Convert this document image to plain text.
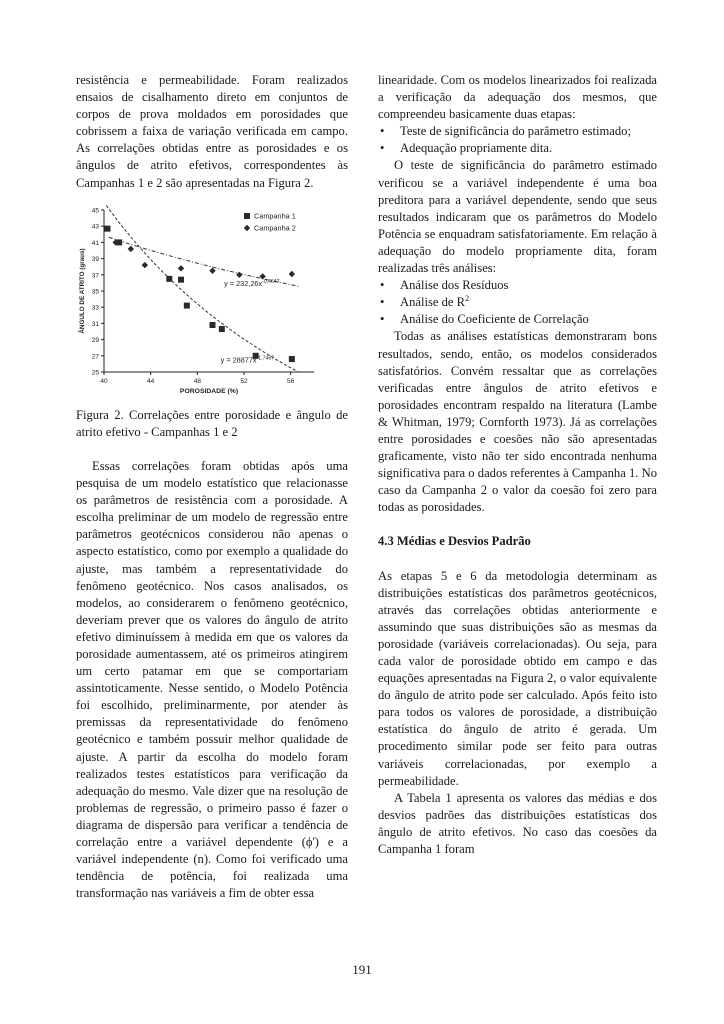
resistência e permeabilidade. Foram realizados ensaios de cisalhamento direto em conjuntos de corpos de prova moldados em porosidades que cobrissem a faixa de variação verificada em campo. As correlações obtidas entre as porosidades e os ângulos de atrito efetivos, correspondentes às Campanhas 1 e 2 são apresentadas na Figura 2.

25
27
29
31
33
35
37
39
41
43
45
40	44	48	52	56
POROSIDADE (%)
ÂNGULO DE ATRITO (graus)
$y = 28877x^{-1,7467}$
$y = 232,26x^{-0,4647}$
Campanha 1
Campanha 2

Figura 2. Correlações entre porosidade e ângulo de atrito efetivo - Campanhas 1 e 2

Essas correlações foram obtidas após uma pesquisa de um modelo estatístico que relacionasse os parâmetros de resistência com a porosidade. A escolha preliminar de um modelo de regressão entre parâmetros geotécnicos considerou não apenas o aspecto estatístico, como por exemplo a qualidade do ajuste, mas também a representatividade do fenômeno geotécnico. Nos casos analisados, os modelos, ao considerarem o fenômeno geotécnico, deveriam prever que os valores do ângulo de atrito efetivo diminuíssem à medida em que os valores da porosidade aumentassem, até os primeiros atingirem um certo patamar em que se comportariam assintoticamente. Nesse sentido, o Modelo Potência foi escolhido, preliminarmente, por atender às premissas da representatividade do fenômeno geotécnico e também possuir melhor qualidade de ajuste. A partir da escolha do modelo foram realizados testes estatísticos para verificação da adequação do mesmo. Vale dizer que na resolução de problemas de regressão, o primeiro passo é fazer o diagrama de dispersão para verificar a tendência de correlação entre a variável dependente (ϕ') e a variável independente (n). Como foi verificado uma tendência de potência, foi realizada uma transformação nas variáveis a fim de obter essa

linearidade. Com os modelos linearizados foi realizada a verificação da adequação dos mesmos, que compreendeu basicamente duas etapas:

• Teste de significância do parâmetro estimado;
• Adequação propriamente dita.

O teste de significância do parâmetro estimado verificou se a variável independente é uma boa preditora para a variável dependente, sendo que seus resultados indicaram que os parâmetros do Modelo Potência se enquadram satisfatoriamente. Em relação à adequação do modelo propriamente dita, foram realizadas três análises:

• Análise dos Resíduos
• Análise de $R^2$
• Análise do Coeficiente de Correlação

Todas as análises estatísticas demonstraram bons resultados, sendo, então, os modelos considerados satisfatórios. Convém ressaltar que as correlações verificadas entre ângulos de atrito efetivos e porosidades encontram respaldo na literatura (Lambe & Whitman, 1979; Cornforth 1973). Já as correlações entre porosidades e coesões não são apresentadas graficamente, visto não ter sido encontrada nenhuma significativa para o dados referentes à Campanha 1. No caso da Campanha 2 o valor da coesão foi zero para todas as porosidades.

4.3 Médias e Desvios Padrão

As etapas 5 e 6 da metodologia determinam as distribuições estatísticas dos parâmetros geotécnicos, através das correlações obtidas anteriormente e assumindo que suas distribuições são as mesmas da porosidade (variáveis correlacionadas). Ou seja, para cada valor de porosidade obtido em campo e das equações apresentadas na Figura 2, o valor equivalente do ângulo de atrito pode ser calculado. Após feito isto para todos os valores de porosidade, a distribuição estatística do ângulo de atrito é gerada. Um procedimento similar pode ser feito para outras variáveis correlacionadas, por exemplo a permeabilidade.

A Tabela 1 apresenta os valores das médias e dos desvios padrões das distribuições estatísticas dos ângulo de atrito efetivos. No caso das coesões da Campanha 1 foram

191
